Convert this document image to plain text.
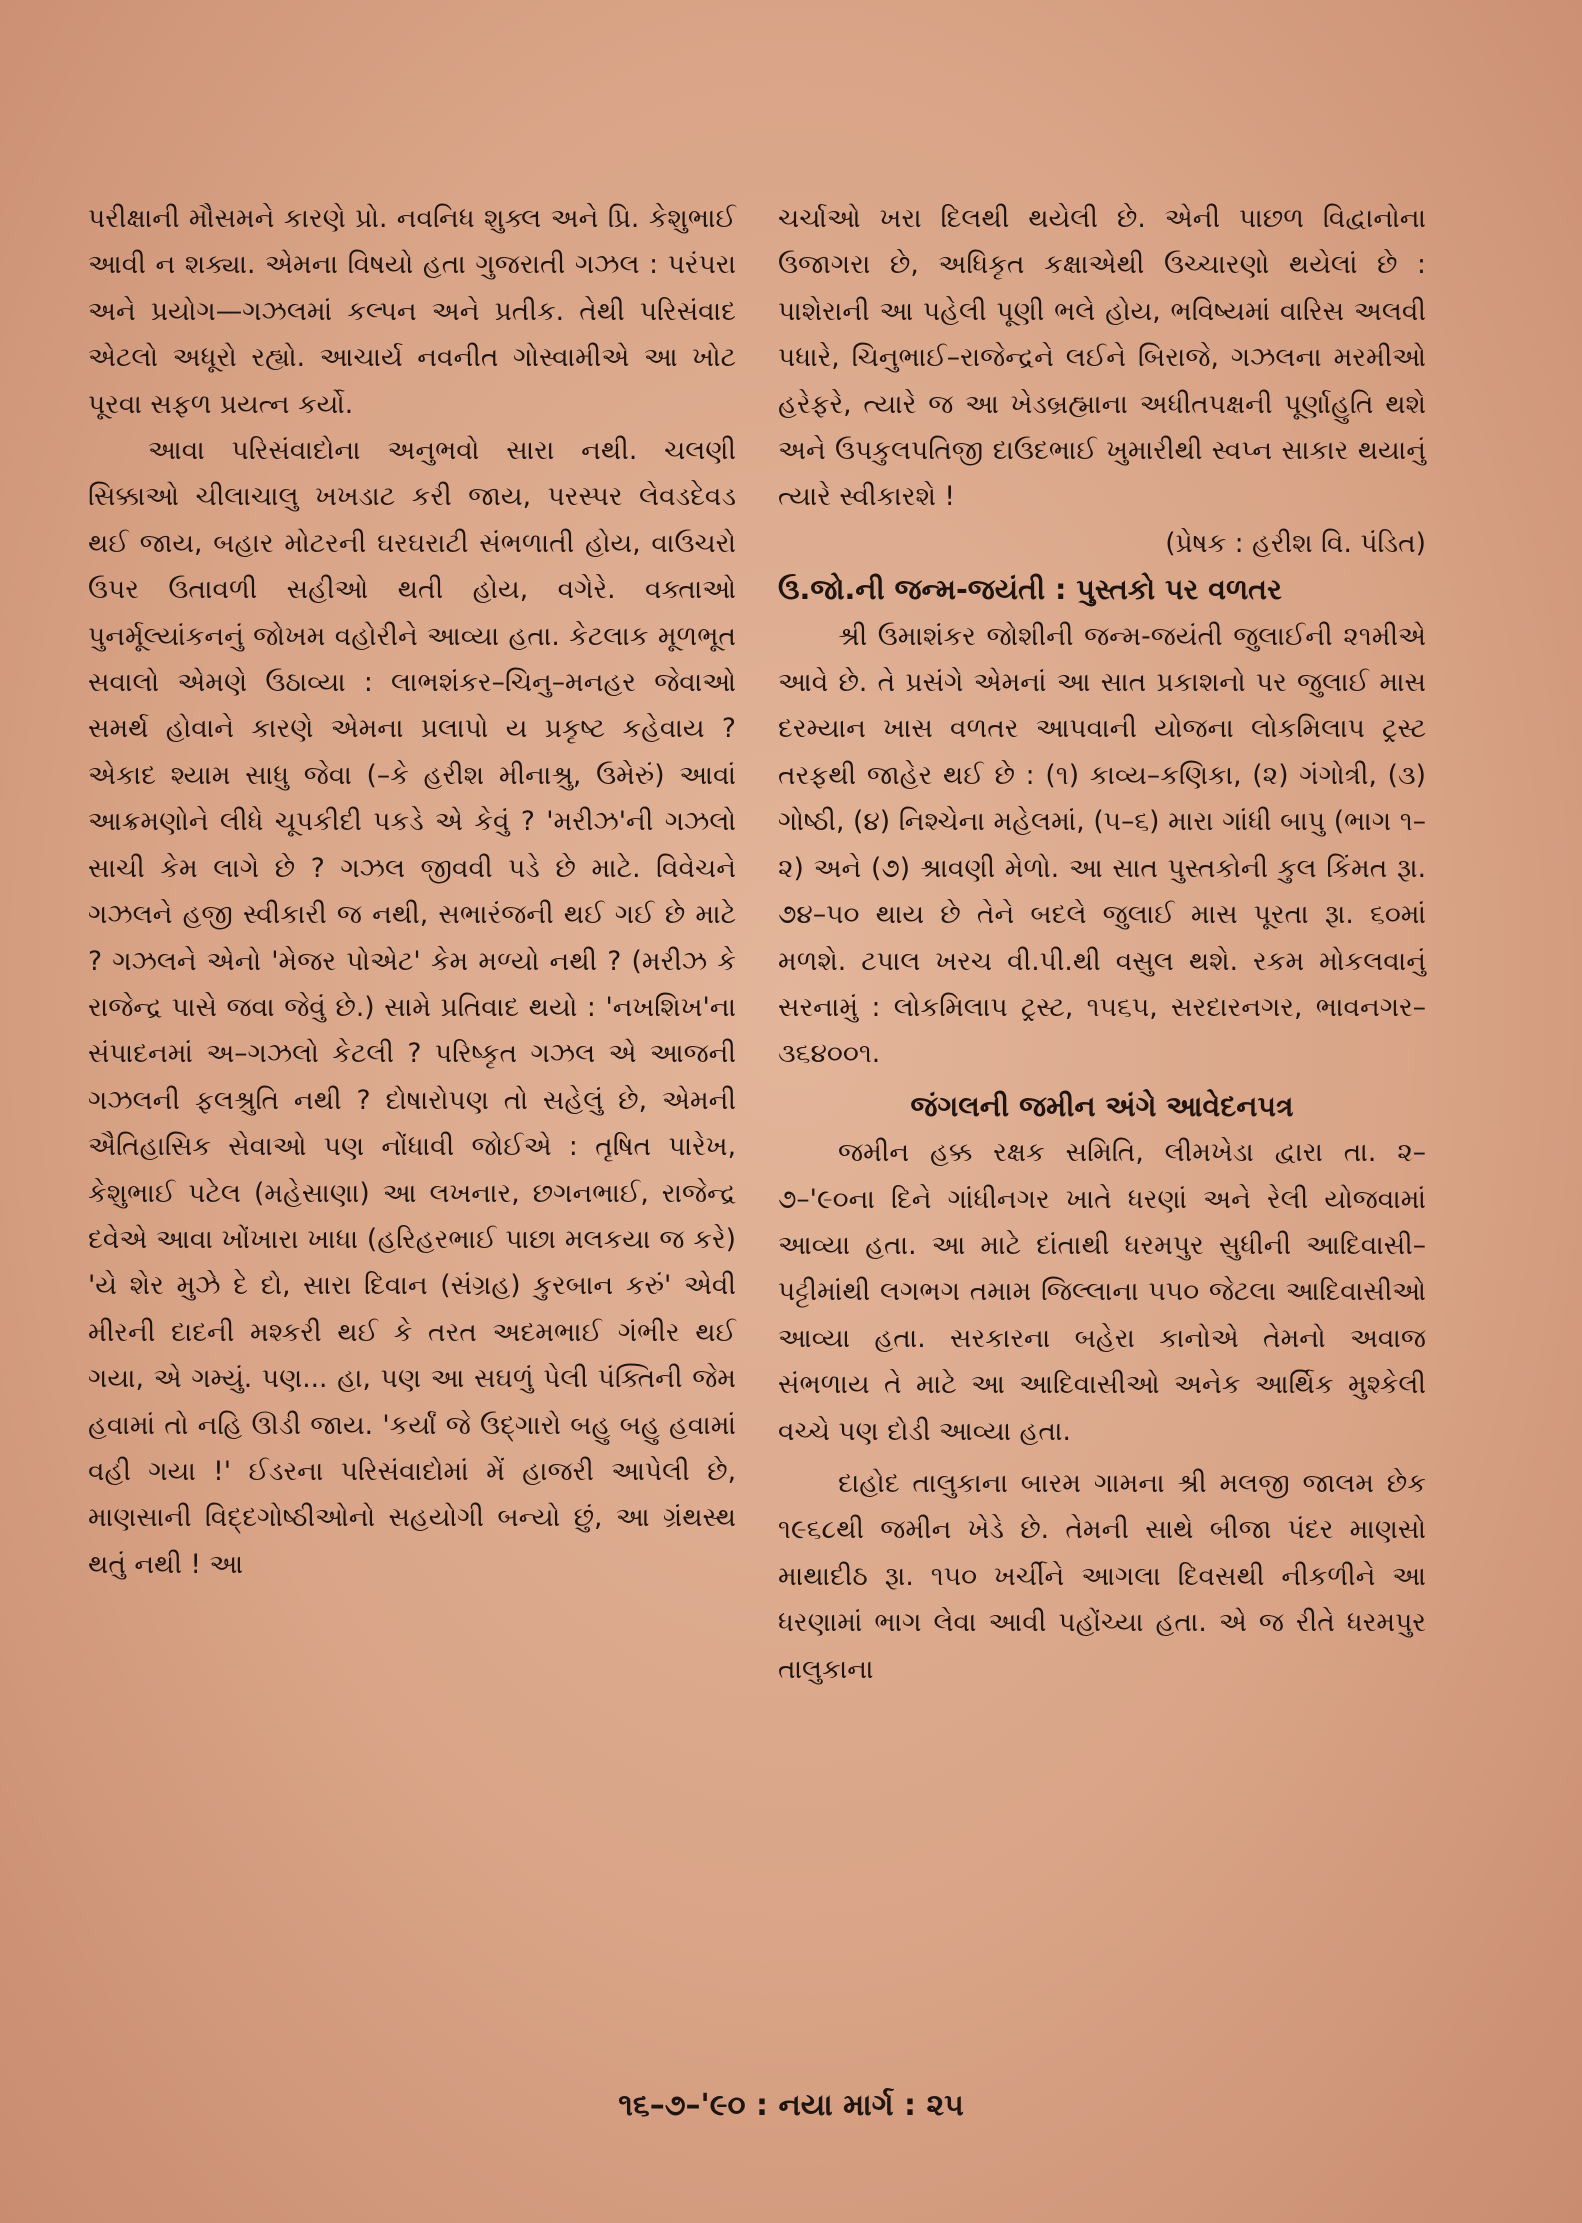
પરીક્ષાની મૌસમને કારણે પ્રો. નવનિધ શુક્લ અને પ્રિ. કેશુભાઈ આવી ન શક્યા. એમના વિષયો હતા ગુજરાતી ગઝલ : પરંપરા અને પ્રયોગ—ગઝલમાં કલ્પન અને પ્રતીક. તેથી પરિસંવાદ એટલો અધૂરો રહ્યો. આચાર્ય નવનીત ગોસ્વામીએ આ ખોટ પૂરવા સફળ પ્રયત્ન કર્યો.

આવા પરિસંવાદોના અનુભવો સારા નથી. ચલણી સિક્કાઓ ચીલાચાલુ ખખડાટ કરી જાય, પરસ્પર લેવડદેવડ થઈ જાય, બહાર મોટરની ઘરઘરાટી સંભળાતી હોય, વાઉચરો ઉપર ઉતાવળી સહીઓ થતી હોય, વગેરે. વક્તાઓ પુનર્મૂલ્યાંકનનું જોખમ વહોરીને આવ્યા હતા. કેટલાક મૂળભૂત સવાલો એમણે ઉઠાવ્યા : લાભશંકર–ચિનુ–મનહર જેવાઓ સમર્થ હોવાને કારણે એમના પ્રલાપો ય પ્રકૃષ્ટ કહેવાય ? એકાદ શ્યામ સાધુ જેવા (–કે હરીશ મીનાશ્રુ, ઉમેરું) આવાં આક્રમણોને લીધે ચૂપકીદી પકડે એ કેવું ? 'મરીઝ'ની ગઝલો સાચી કેમ લાગે છે ? ગઝલ જીવવી પડે છે માટે. વિવેચને ગઝલને હજી સ્વીકારી જ નથી, સભારંજની થઈ ગઈ છે માટે ? ગઝલને એનો 'મેજર પોએટ' કેમ મળ્યો નથી ? (મરીઝ કે રાજેન્દ્ર પાસે જવા જેવું છે.) સામે પ્રતિવાદ થયો : 'નખશિખ'ના સંપાદનમાં અ–ગઝલો કેટલી ? પરિષ્કૃત ગઝલ એ આજની ગઝલની ફલશ્રુતિ નથી ? દોષારોપણ તો સહેલું છે, એમની ઐતિહાસિક સેવાઓ પણ નોંધાવી જોઈએ : તૃષિત પારેખ, કેશુભાઈ પટેલ (મહેસાણા) આ લખનાર, છગનભાઈ, રાજેન્દ્ર દવેએ આવા ખોંખારા ખાધા (હરિહરભાઈ પાછા મલકયા જ કરે) 'યે શેર મુઝે દે દો, સારા દિવાન (સંગ્રહ) કુરબાન કરું' એવી મીરની દાદની મશ્કરી થઈ કે તરત અદમભાઈ ગંભીર થઈ ગયા, એ ગમ્યું. પણ... હા, પણ આ સઘળું પેલી પંક્તિની જેમ હવામાં તો નહિ ઊડી જાય. 'કર્યાં જે ઉદ્ગારો બહુ બહુ હવામાં વહી ગયા !' ઈડરના પરિસંવાદોમાં મેં હાજરી આપેલી છે, માણસાની વિદ્દગોષ્ઠીઓનો સહયોગી બન્યો છું, આ ગ્રંથસ્થ થતું નથી ! આ

ચર્ચાઓ ખરા દિલથી થયેલી છે. એની પાછળ વિદ્વાનોના ઉજાગરા છે, અધિકૃત કક્ષાએથી ઉચ્ચારણો થયેલાં છે : પાશેરાની આ પહેલી પૂણી ભલે હોય, ભવિષ્યમાં વારિસ અલવી પધારે, ચિનુભાઈ–રાજેન્દ્રને લઈને બિરાજે, ગઝલના મરમીઓ હરેફરે, ત્યારે જ આ ખેડબ્રહ્માના અધીતપક્ષની પૂર્ણાહુતિ થશે અને ઉપકુલપતિજી દાઉદભાઈ ખુમારીથી સ્વપ્ન સાકાર થયાનું ત્યારે સ્વીકારશે !

(પ્રેષક : હરીશ વિ. પંડિત)

ઉ.જો.ની જન્મ-જયંતી : પુસ્તકો પર વળતર

શ્રી ઉમાશંકર જોશીની જન્મ-જયંતી જુલાઈની ૨૧મીએ આવે છે. તે પ્રસંગે એમનાં આ સાત પ્રકાશનો પર જુલાઈ માસ દરમ્યાન ખાસ વળતર આપવાની યોજના લોકમિલાપ ટ્રસ્ટ તરફથી જાહેર થઈ છે : (૧) કાવ્ય–કણિકા, (૨) ગંગોત્રી, (૩) ગોષ્ઠી, (૪) નિશ્ચેના મહેલમાં, (૫–૬) મારા ગાંધી બાપુ (ભાગ ૧–૨) અને (૭) શ્રાવણી મેળો. આ સાત પુસ્તકોની કુલ કિંમત રૂા. ૭૪–૫૦ થાય છે તેને બદલે જુલાઈ માસ પૂરતા રૂા. ૬૦માં મળશે. ટપાલ ખરચ વી.પી.થી વસુલ થશે. રકમ મોકલવાનું સરનામું : લોકમિલાપ ટ્રસ્ટ, ૧૫૬૫, સરદારનગર, ભાવનગર–૩૬૪૦૦૧.

જંગલની જમીન અંગે આવેદનપત્ર

જમીન હક્ક રક્ષક સમિતિ, લીમખેડા દ્વારા તા. ૨–૭–'૯૦ના દિને ગાંધીનગર ખાતે ધરણાં અને રેલી યોજવામાં આવ્યા હતા. આ માટે દાંતાથી ધરમપુર સુધીની આદિવાસી–પટ્ટીમાંથી લગભગ તમામ જિલ્લાના ૫૫૦ જેટલા આદિવાસીઓ આવ્યા હતા. સરકારના બહેરા કાનોએ તેમનો અવાજ સંભળાય તે માટે આ આદિવાસીઓ અનેક આર્થિક મુશ્કેલી વચ્ચે પણ દોડી આવ્યા હતા.

દાહોદ તાલુકાના બારમ ગામના શ્રી મલજી જાલમ છેક ૧૯૬૮થી જમીન ખેડે છે. તેમની સાથે બીજા પંદર માણસો માથાદીઠ રૂા. ૧૫૦ ખર્ચીને આગલા દિવસથી નીકળીને આ ધરણામાં ભાગ લેવા આવી પહોંચ્યા હતા. એ જ રીતે ધરમપુર તાલુકાના

૧૬–૭–'૯૦ : નયા માર્ગ : ૨૫
